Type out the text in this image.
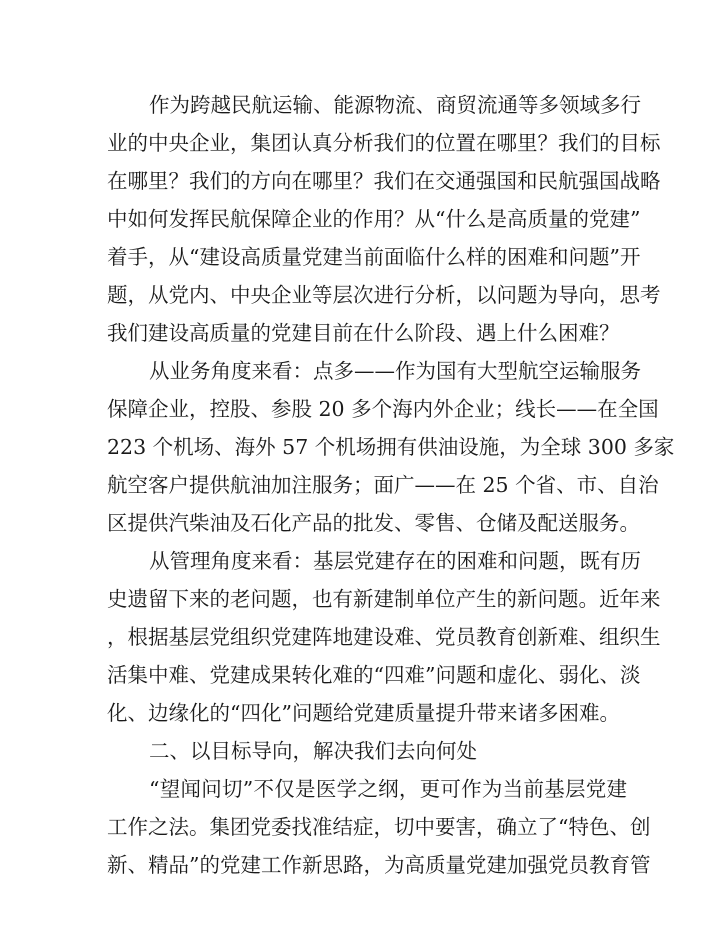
作为跨越民航运输、能源物流、商贸流通等多领域多行
业的中央企业，集团认真分析我们的位置在哪里？我们的目标
在哪里？我们的方向在哪里？我们在交通强国和民航强国战略
中如何发挥民航保障企业的作用？从“什么是高质量的党建”
着手，从“建设高质量党建当前面临什么样的困难和问题”开
题，从党内、中央企业等层次进行分析，以问题为导向，思考
我们建设高质量的党建目前在什么阶段、遇上什么困难？
从业务角度来看：点多——作为国有大型航空运输服务
保障企业，控股、参股 20 多个海内外企业；线长——在全国
223 个机场、海外 57 个机场拥有供油设施，为全球 300 多家
航空客户提供航油加注服务；面广——在 25 个省、市、自治
区提供汽柴油及石化产品的批发、零售、仓储及配送服务。
从管理角度来看：基层党建存在的困难和问题，既有历
史遗留下来的老问题，也有新建制单位产生的新问题。近年来
，根据基层党组织党建阵地建设难、党员教育创新难、组织生
活集中难、党建成果转化难的“四难”问题和虚化、弱化、淡
化、边缘化的“四化”问题给党建质量提升带来诸多困难。
二、以目标导向，解决我们去向何处
“望闻问切”不仅是医学之纲，更可作为当前基层党建
工作之法。集团党委找准结症，切中要害，确立了“特色、创
新、精品”的党建工作新思路，为高质量党建加强党员教育管
